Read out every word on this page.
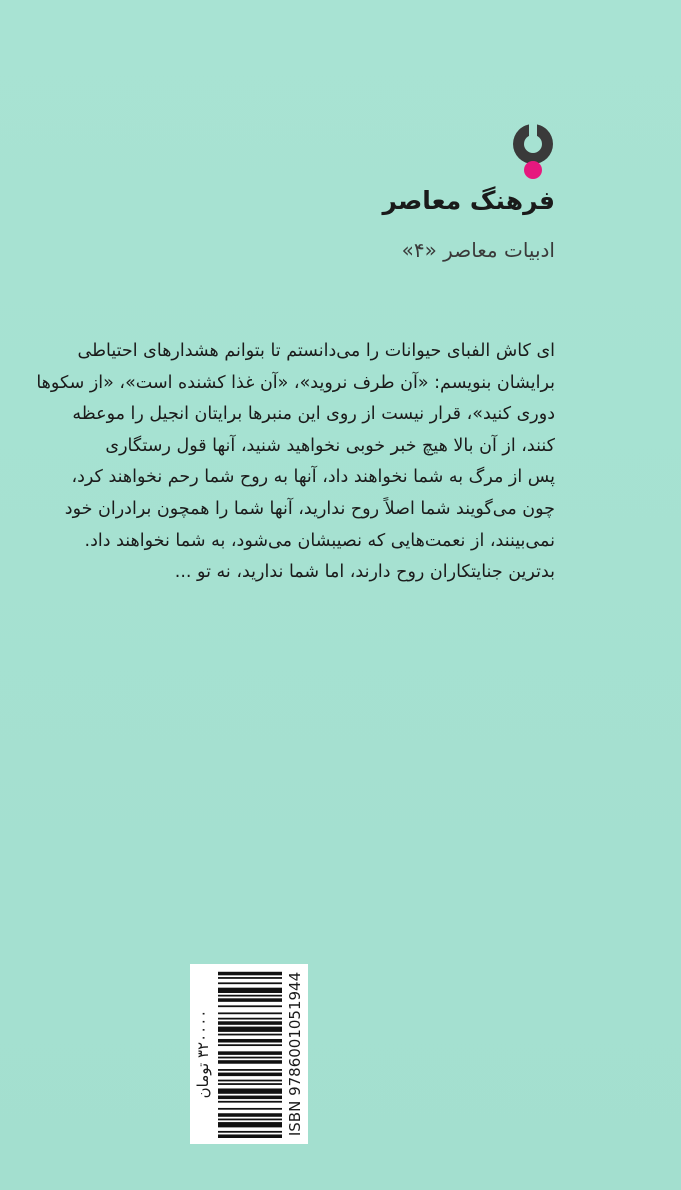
فرهنگ معاصر
ادبیات معاصر «۴»
ای کاش الفبای حیوانات را می‌دانستم تا بتوانم هشدارهای احتیاطی
برایشان بنویسم: «آن طرف نروید»، «آن غذا کشنده است»، «از سکوها
دوری کنید»، قرار نیست از روی این منبرها برایتان انجیل را موعظه
کنند، از آن بالا هیچ خبر خوبی نخواهید شنید، آنها قول رستگاری
پس از مرگ به شما نخواهند داد، آنها به روح شما رحم نخواهند کرد،
چون می‌گویند شما اصلاً روح ندارید، آنها شما را همچون برادران خود
نمی‌بینند، از نعمت‌هایی که نصیبشان می‌شود، به شما نخواهند داد.
بدترین جنایتکاران روح دارند، اما شما ندارید، نه تو ...
۳۲۰۰۰۰ تومان	ISBN 9786001051944
